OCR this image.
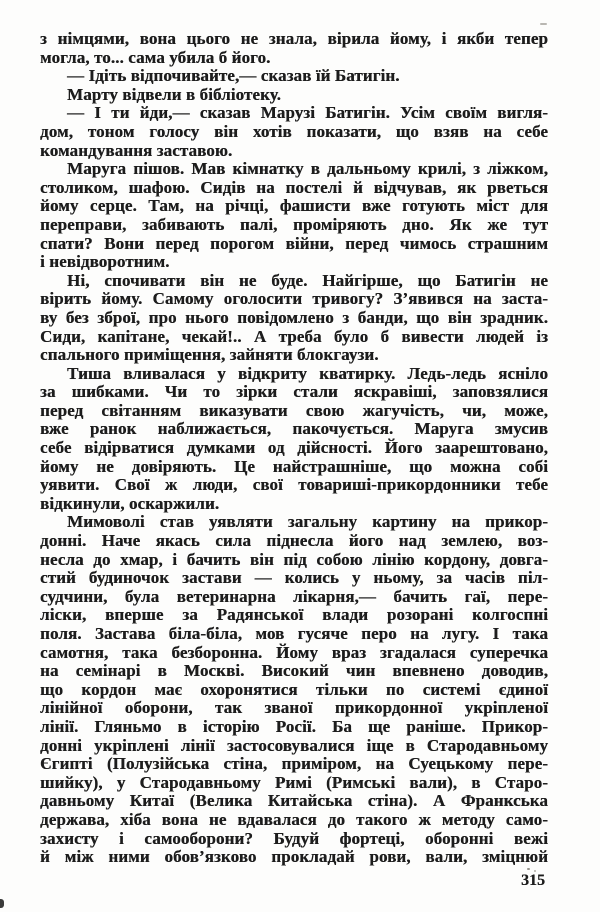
з німцями, вона цього не знала, вірила йому, і якби тепер
могла, то... сама убила б його.
— Ідіть відпочивайте,— сказав їй Батигін.
Марту відвели в бібліотеку.
— І ти йди,— сказав Марузі Батигін. Усім своїм вигля-
дом, тоном голосу він хотів показати, що взяв на себе
командування заставою.
Маруга пішов. Мав кімнатку в дальньому крилі, з ліжком,
столиком, шафою. Сидів на постелі й відчував, як рветься
йому серце. Там, на річці, фашисти вже готують міст для
переправи, забивають палі, проміряють дно. Як же тут
спати? Вони перед порогом війни, перед чимось страшним
і невідворотним.
Ні, спочивати він не буде. Найгірше, що Батигін не
вірить йому. Самому оголосити тривогу? З’явився на заста-
ву без зброї, про нього повідомлено з банди, що він зрадник.
Сиди, капітане, чекай!.. А треба було б вивести людей із
спального приміщення, зайняти блокгаузи.
Тиша вливалася у відкриту кватирку. Ледь-ледь ясніло
за шибками. Чи то зірки стали яскравіші, заповзялися
перед світанням виказувати свою жагучість, чи, може,
вже ранок наближається, пакочується. Маруга змусив
себе відірватися думками од дійсності. Його заарештовано,
йому не довіряють. Це найстрашніше, що можна собі
уявити. Свої ж люди, свої товариші-прикордонники тебе
відкинули, оскаржили.
Мимоволі став уявляти загальну картину на прикор-
донні. Наче якась сила піднесла його над землею, воз-
несла до хмар, і бачить він під собою лінію кордону, довга-
стий будиночок застави — колись у ньому, за часів піл-
судчини, була ветеринарна лікарня,— бачить гаї, пере-
ліски, вперше за Радянської влади розорані колгоспні
поля. Застава біла-біла, мов гусяче перо на лугу. І така
самотня, така безборонна. Йому враз згадалася суперечка
на семінарі в Москві. Високий чин впевнено доводив,
що кордон має охоронятися тільки по системі єдиної
лінійної оборони, так званої прикордонної укріпленої
лінії. Гляньмо в історію Росії. Ба ще раніше. Прикор-
донні укріплені лінії застосовувалися іще в Стародавньому
Єгипті (Полузійська стіна, приміром, на Суецькому пере-
шийку), у Стародавньому Римі (Римські вали), в Старо-
давньому Китаї (Велика Китайська стіна). А Франкська
держава, хіба вона не вдавалася до такого ж методу само-
захисту і самооборони? Будуй фортеці, оборонні вежі
й між ними обов’язково прокладай рови, вали, зміцнюй
315
